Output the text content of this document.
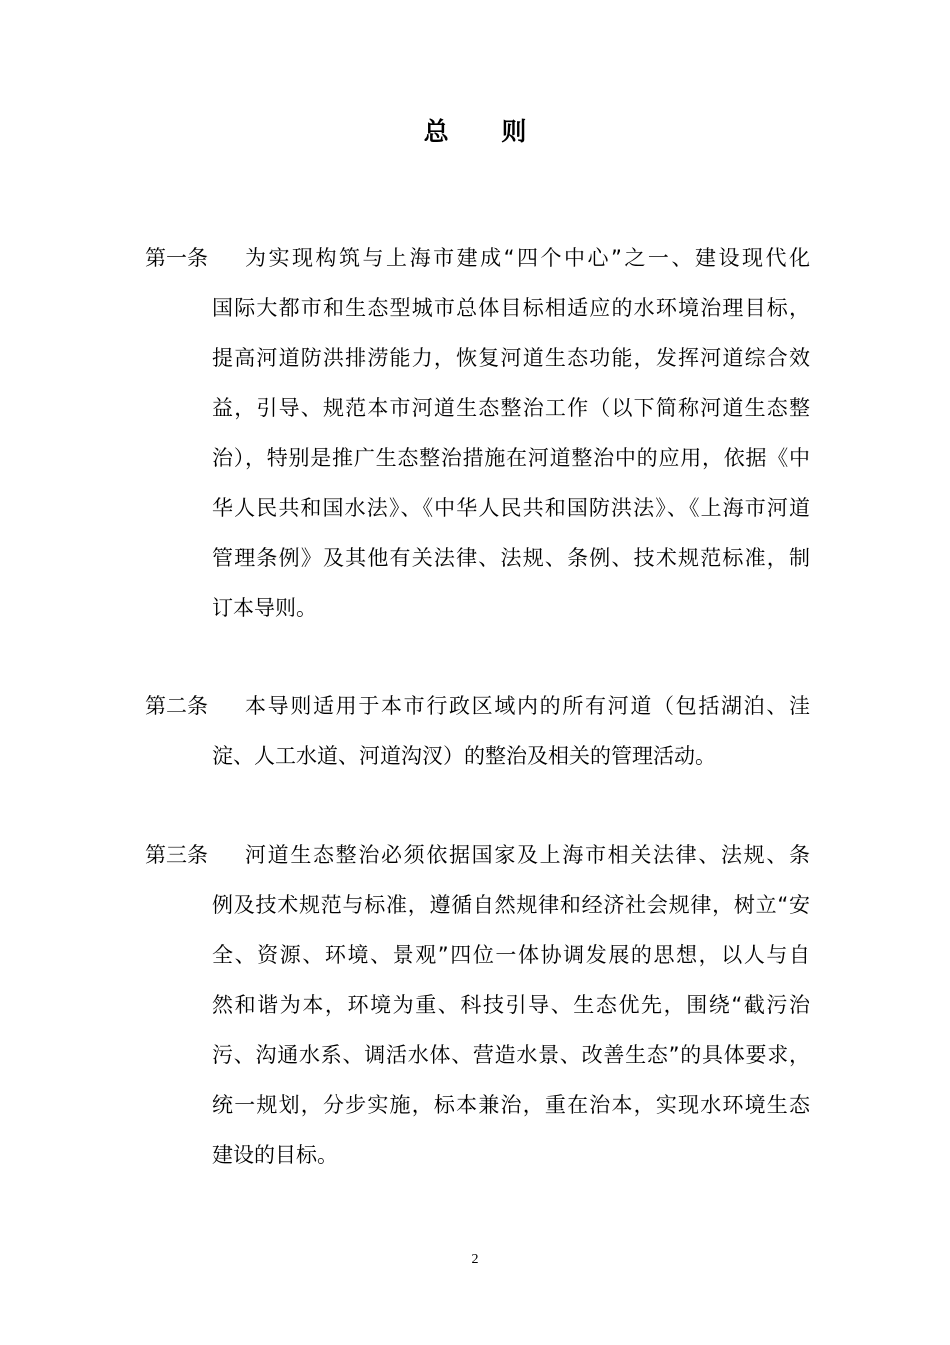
总 则
第一条 为实现构筑与上海市建成“四个中心”之一、建设现代化
国际大都市和生态型城市总体目标相适应的水环境治理目标，
提高河道防洪排涝能力，恢复河道生态功能，发挥河道综合效
益，引导、规范本市河道生态整治工作（以下简称河道生态整
治），特别是推广生态整治措施在河道整治中的应用，依据《中
华人民共和国水法》、《中华人民共和国防洪法》、《上海市河道
管理条例》及其他有关法律、法规、条例、技术规范标准，制
订本导则。
第二条 本导则适用于本市行政区域内的所有河道（包括湖泊、洼
淀、人工水道、河道沟汊）的整治及相关的管理活动。
第三条 河道生态整治必须依据国家及上海市相关法律、法规、条
例及技术规范与标准，遵循自然规律和经济社会规律，树立“安
全、资源、环境、景观”四位一体协调发展的思想，以人与自
然和谐为本，环境为重、科技引导、生态优先，围绕“截污治
污、沟通水系、调活水体、营造水景、改善生态”的具体要求，
统一规划，分步实施，标本兼治，重在治本，实现水环境生态
建设的目标。
2
